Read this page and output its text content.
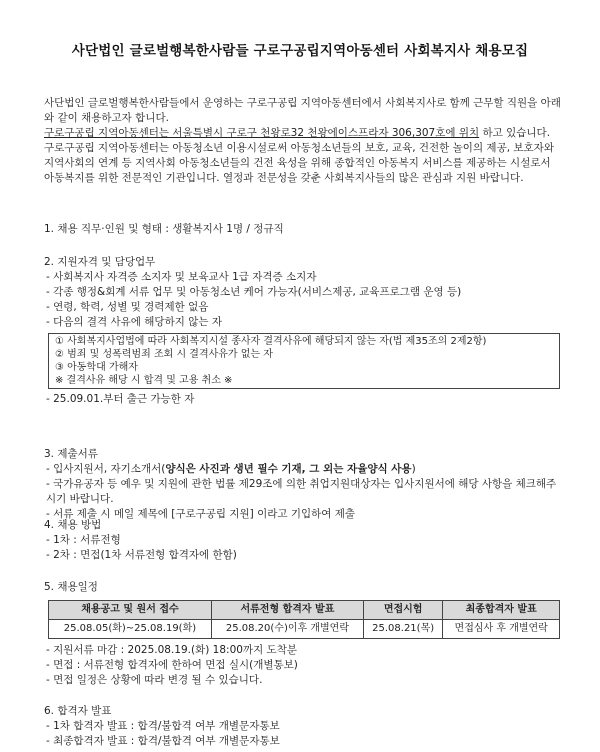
사단법인 글로벌행복한사람들 구로구공립지역아동센터 사회복지사 채용모집

사단법인 글로벌행복한사람들에서 운영하는 구로구공립 지역아동센터에서 사회복지사로 함께 근무할 직원을 아래와 같이 채용하고자 합니다.

구로구공립 지역아동센터는 서울특별시 구로구 천왕로32 천왕에이스프라자 306,307호에 위치 하고 있습니다.

구로구공립 지역아동센터는 아동청소년 이용시설로써 아동청소년들의 보호, 교육, 건전한 놀이의 제공, 보호자와 지역사회의 연계 등 지역사회 아동청소년들의 건전 육성을 위해 종합적인 아동복지 서비스를 제공하는 시설로서 아동복지를 위한 전문적인 기관입니다. 열정과 전문성을 갖춘 사회복지사들의 많은 관심과 지원 바랍니다.

1. 채용 직무·인원 및 형태 : 생활복지사 1명 / 정규직

2. 지원자격 및 담당업무

- 사회복지사 자격증 소지자 및 보육교사 1급 자격증 소지자

- 각종 행정&회계 서류 업무 및 아동청소년 케어 가능자(서비스제공, 교육프로그램 운영 등)

- 연령, 학력, 성별 및 경력제한 없음

- 다음의 결격 사유에 해당하지 않는 자

① 사회복지사업법에 따라 사회복지시설 종사자 결격사유에 해당되지 않는 자(법 제35조의 2제2항)
② 범죄 및 성폭력범죄 조회 시 결격사유가 없는 자
③ 아동학대 가해자
※ 결격사유 해당 시 합격 및 고용 취소 ※

- 25.09.01.부터 출근 가능한 자

3. 제출서류

- 입사지원서, 자기소개서(양식은 사진과 생년 필수 기재, 그 외는 자율양식 사용)

- 국가유공자 등 예우 및 지원에 관한 법률 제29조에 의한 취업지원대상자는 입사지원서에 해당 사항을 체크해주시기 바랍니다.

- 서류 제출 시 메일 제목에 [구로구공립 지원] 이라고 기입하여 제출

4. 채용 방법

- 1차 : 서류전형

- 2차 : 면접(1차 서류전형 합격자에 한함)

5. 채용일정

채용공고 및 원서 접수	서류전형 합격자 발표	면접시험	최종합격자 발표
25.08.05(화)~25.08.19(화)	25.08.20(수)이후 개별연락	25.08.21(목)	면접심사 후 개별연락

- 지원서류 마감 : 2025.08.19.(화) 18:00까지 도착분

- 면접 : 서류전형 합격자에 한하여 면접 실시(개별통보)

- 면접 일정은 상황에 따라 변경 될 수 있습니다.

6. 합격자 발표

- 1차 합격자 발표 : 합격/불합격 여부 개별문자통보

- 최종합격자 발표 : 합격/불합격 여부 개별문자통보
